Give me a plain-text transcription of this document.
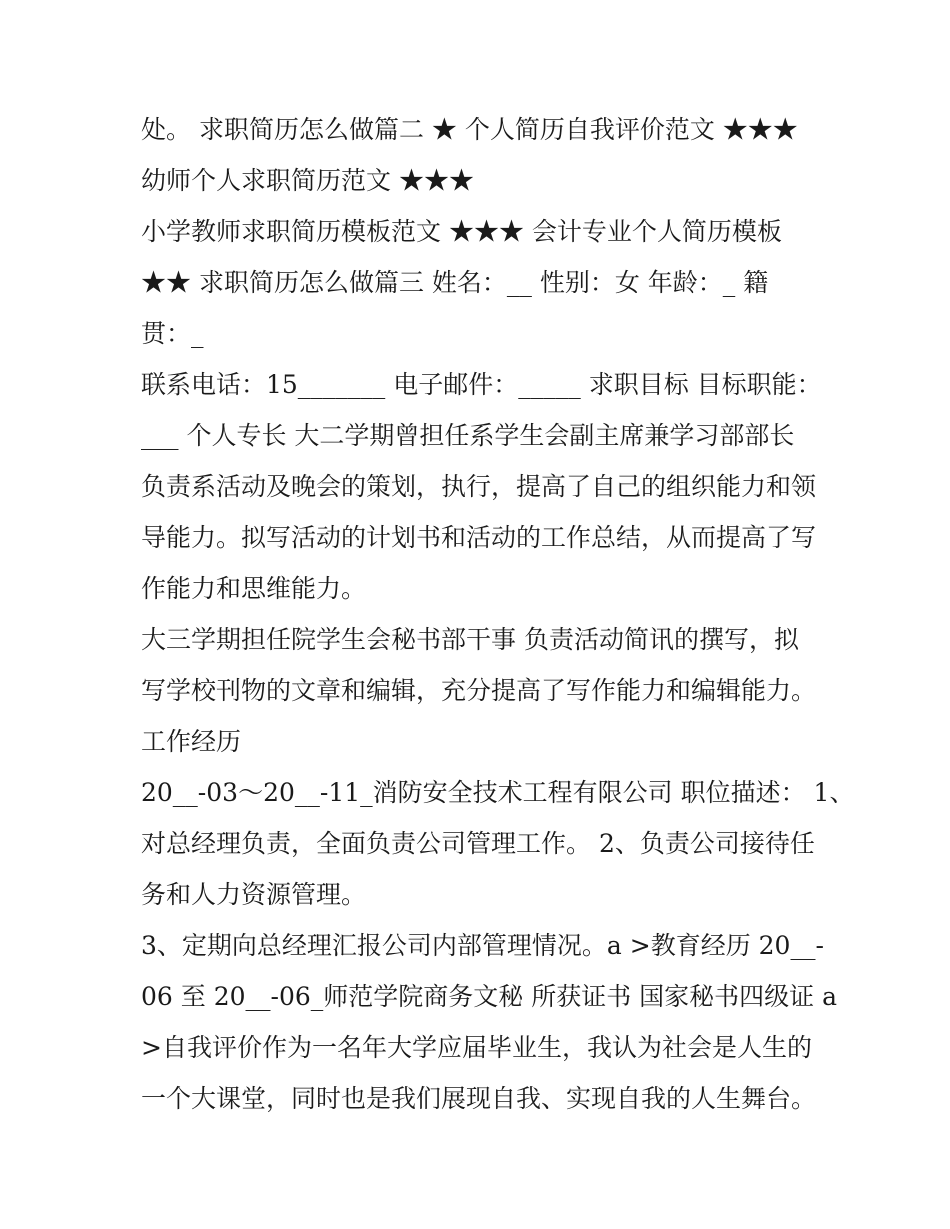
处。 求职简历怎么做篇二 ★ 个人简历自我评价范文 ★★★
幼师个人求职简历范文 ★★★
小学教师求职简历模板范文 ★★★ 会计专业个人简历模板
★★ 求职简历怎么做篇三 姓名：__ 性别：女 年龄：_ 籍
贯：_
联系电话：15_______ 电子邮件：_____ 求职目标 目标职能：
___ 个人专长 大二学期曾担任系学生会副主席兼学习部部长
负责系活动及晚会的策划，执行，提高了自己的组织能力和领
导能力。拟写活动的计划书和活动的工作总结，从而提高了写
作能力和思维能力。
大三学期担任院学生会秘书部干事 负责活动简讯的撰写，拟
写学校刊物的文章和编辑，充分提高了写作能力和编辑能力。
工作经历
20__-03～20__-11_消防安全技术工程有限公司 职位描述： 1、
对总经理负责，全面负责公司管理工作。 2、负责公司接待任
务和人力资源管理。
3、定期向总经理汇报公司内部管理情况。a >教育经历 20__-
06 至 20__-06_师范学院商务文秘 所获证书 国家秘书四级证 a
>自我评价作为一名年大学应届毕业生，我认为社会是人生的
一个大课堂，同时也是我们展现自我、实现自我的人生舞台。
